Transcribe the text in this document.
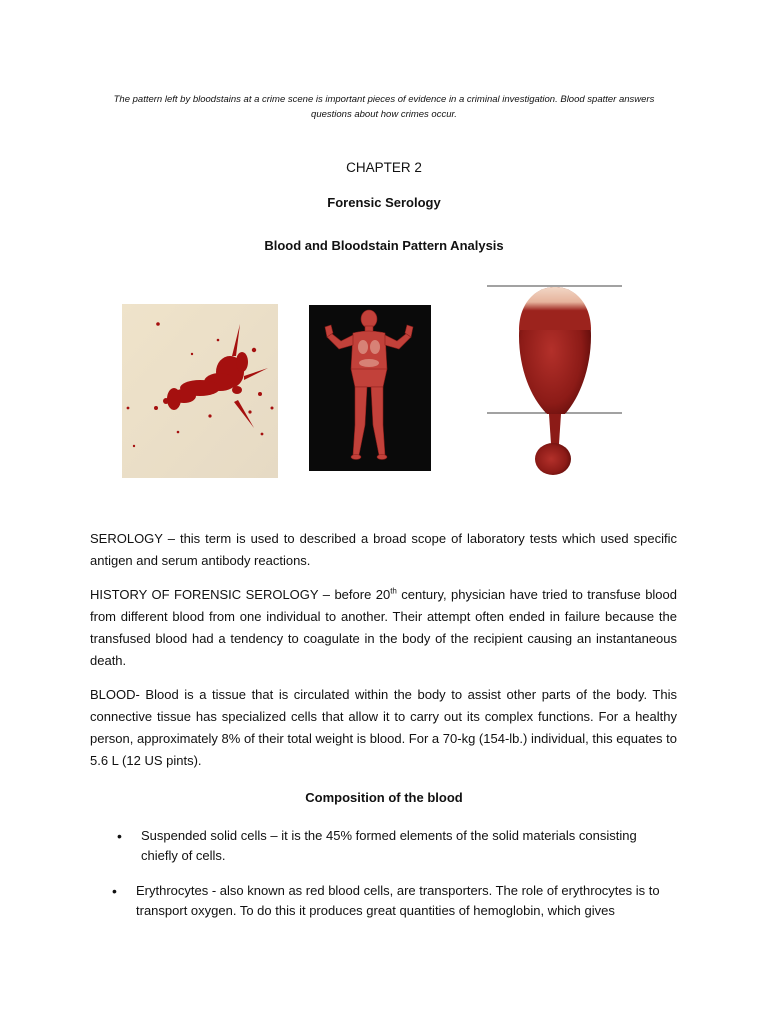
The pattern left by bloodstains at a crime scene is important pieces of evidence in a criminal investigation. Blood spatter answers questions about how crimes occur.
CHAPTER 2
Forensic Serology
Blood and Bloodstain Pattern Analysis

SEROLOGY – this term is used to described a broad scope of laboratory tests which used specific antigen and serum antibody reactions.

HISTORY OF FORENSIC SEROLOGY – before 20th century, physician have tried to transfuse blood from different blood from one individual to another. Their attempt often ended in failure because the transfused blood had a tendency to coagulate in the body of the recipient causing an instantaneous death.

BLOOD- Blood is a tissue that is circulated within the body to assist other parts of the body. This connective tissue has specialized cells that allow it to carry out its complex functions. For a healthy person, approximately 8% of their total weight is blood. For a 70-kg (154-lb.) individual, this equates to 5.6 L (12 US pints).

Composition of the blood
• Suspended solid cells – it is the 45% formed elements of the solid materials consisting chiefly of cells.
• Erythrocytes - also known as red blood cells, are transporters. The role of erythrocytes is to transport oxygen. To do this it produces great quantities of hemoglobin, which gives
